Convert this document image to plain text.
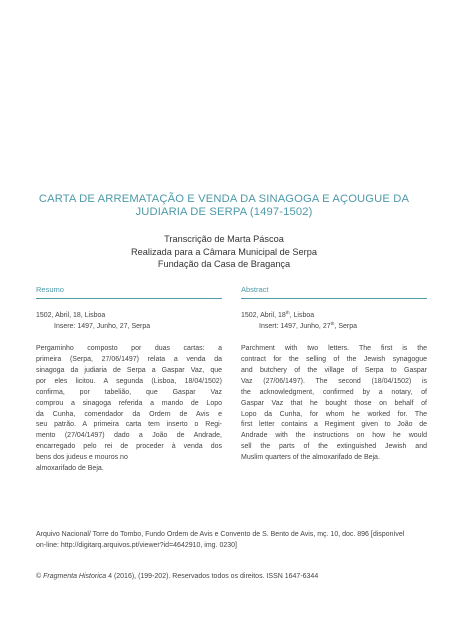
CARTA DE ARREMATAÇÃO E VENDA DA SINAGOGA E AÇOUGUE DA
JUDIARIA DE SERPA (1497-1502)
Transcrição de Marta Páscoa
Realizada para a Câmara Municipal de Serpa
Fundação da Casa de Bragança
Resumo
1502, Abril, 18, Lisboa
Insere: 1497, Junho, 27, Serpa
Pergaminho composto por duas cartas: a
primeira (Serpa, 27/06/1497) relata a venda da
sinagoga da judiaria de Serpa a Gaspar Vaz, que
por eles licitou. A segunda (Lisboa, 18/04/1502)
confirma, por tabelião, que Gaspar Vaz
comprou a sinagoga referida a mando de Lopo
da Cunha, comendador da Ordem de Avis e
seu patrão. A primeira carta tem inserto o Regi-
mento (27/04/1497) dado a João de Andrade,
encarregado pelo rei de proceder à venda dos
bens dos judeus e mouros no
almoxarifado de Beja.
Abstract
1502, Abril, 18th, Lisboa
Insert: 1497, Junho, 27th, Serpa
Parchment with two letters. The first is the
contract for the selling of the Jewish synagogue
and butchery of the village of Serpa to Gaspar
Vaz (27/06/1497). The second (18/04/1502) is
the acknowledgment, confirmed by a notary, of
Gaspar Vaz that he bought those on behalf of
Lopo da Cunha, for whom he worked for. The
first letter contains a Regiment given to João de
Andrade with the instructions on how he would
sell the parts of the extinguished Jewish and
Muslim quarters of the almoxarifado de Beja.
Arquivo Nacional/ Torre do Tombo, Fundo Ordem de Avis e Convento de S. Bento de Avis, mç. 10, doc. 896 [disponível on-line: http://digitarq.arquivos.pt/viewer?id=4642910, img. 0230]
© Fragmenta Historica 4 (2016), (199-202). Reservados todos os direitos. ISSN 1647-6344
